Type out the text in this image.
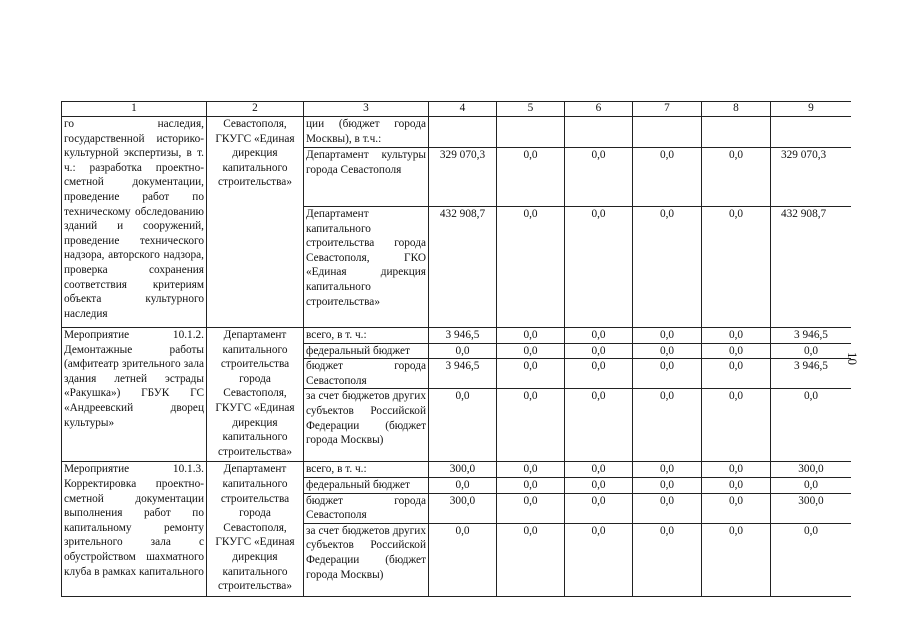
1	2	3	4	5	6	7	8	9
го наследия, государственной историко-культурной экспертизы, в т. ч.: разработка проектно-сметной документации, проведение работ по техническому обследованию зданий и сооружений, проведение технического надзора, авторского надзора, проверка сохранения соответствия критериям объекта культурного наследия	Севастополя, ГКУГС «Единая дирекция капитального строительства»	ции (бюджет города Москвы), в т.ч.:						
		Департамент культуры города Севастополя	329 070,3	0,0	0,0	0,0	0,0	329 070,3
		Департамент капитального строительства города Севастополя, ГКО «Единая дирекция капитального строительства»	432 908,7	0,0	0,0	0,0	0,0	432 908,7
Мероприятие 10.1.2. Демонтажные работы (амфитеатр зрительного зала здания летней эстрады «Ракушка») ГБУК ГС «Андреевский дворец культуры»	Департамент капитального строительства города Севастополя, ГКУГС «Единая дирекция капитального строительства»	всего, в т. ч.:	3 946,5	0,0	0,0	0,0	0,0	3 946,5
		федеральный бюджет	0,0	0,0	0,0	0,0	0,0	0,0
		бюджет города Севастополя	3 946,5	0,0	0,0	0,0	0,0	3 946,5
		за счет бюджетов других субъектов Российской Федерации (бюджет города Москвы)	0,0	0,0	0,0	0,0	0,0	0,0
Мероприятие 10.1.3. Корректировка проектно-сметной документации выполнения работ по капитальному ремонту зрительного зала с обустройством шахматного клуба в рамках капитального	Департамент капитального строительства города Севастополя, ГКУГС «Единая дирекция капитального строительства»	всего, в т. ч.:	300,0	0,0	0,0	0,0	0,0	300,0
		федеральный бюджет	0,0	0,0	0,0	0,0	0,0	0,0
		бюджет города Севастополя	300,0	0,0	0,0	0,0	0,0	300,0
		за счет бюджетов других субъектов Российской Федерации (бюджет города Москвы)	0,0	0,0	0,0	0,0	0,0	0,0
10
